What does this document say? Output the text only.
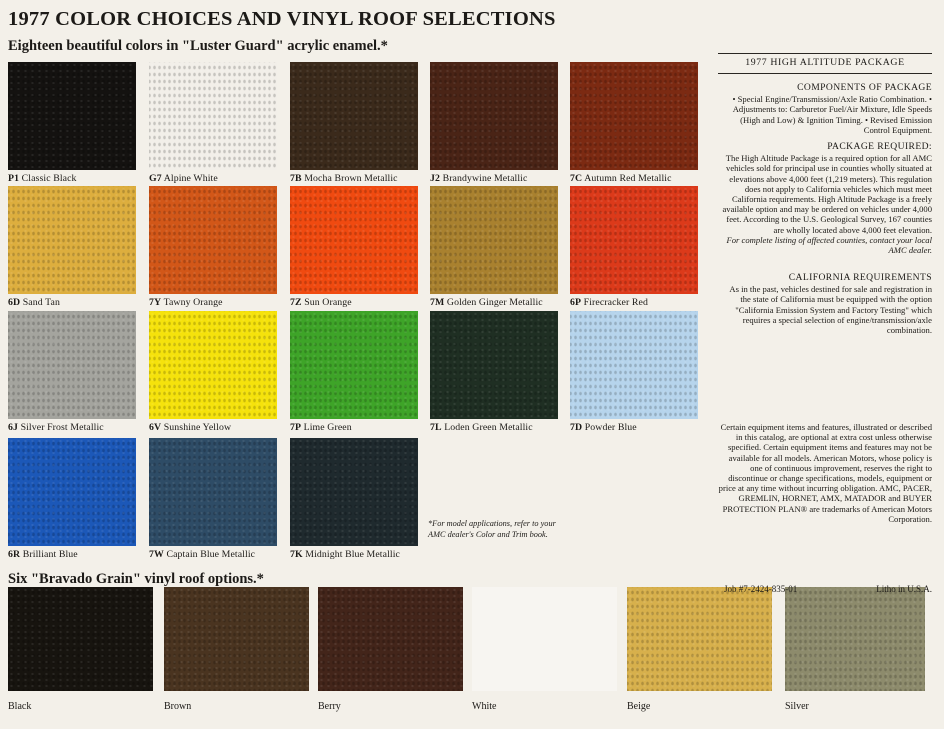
1977 COLOR CHOICES AND VINYL ROOF SELECTIONS
Eighteen beautiful colors in "Luster Guard" acrylic enamel.*
P1 Classic Black	G7 Alpine White	7B Mocha Brown Metallic	J2 Brandywine Metallic	7C Autumn Red Metallic
6D Sand Tan	7Y Tawny Orange	7Z Sun Orange	7M Golden Ginger Metallic	6P Firecracker Red
6J Silver Frost Metallic	6V Sunshine Yellow	7P Lime Green	7L Loden Green Metallic	7D Powder Blue
6R Brilliant Blue	7W Captain Blue Metallic	7K Midnight Blue Metallic
*For model applications, refer to your AMC dealer's Color and Trim book.
Six "Bravado Grain" vinyl roof options.*
Black	Brown	Berry	White	Beige	Silver
1977 HIGH ALTITUDE PACKAGE
COMPONENTS OF PACKAGE
• Special Engine/Transmission/Axle Ratio Combination. • Adjustments to: Carburetor Fuel/Air Mixture, Idle Speeds (High and Low) & Ignition Timing. • Revised Emission Control Equipment.
PACKAGE REQUIRED:
The High Altitude Package is a required option for all AMC vehicles sold for principal use in counties wholly situated at elevations above 4,000 feet (1,219 meters). This regulation does not apply to California vehicles which must meet California requirements. High Altitude Package is a freely available option and may be ordered on vehicles under 4,000 feet. According to the U.S. Geological Survey, 167 counties are wholly located above 4,000 feet elevation.
For complete listing of affected counties, contact your local AMC dealer.
CALIFORNIA REQUIREMENTS
As in the past, vehicles destined for sale and registration in the state of California must be equipped with the option "California Emission System and Factory Testing" which requires a special selection of engine/transmission/axle combination.
Certain equipment items and features, illustrated or described in this catalog, are optional at extra cost unless otherwise specified. Certain equipment items and features may not be available for all models. American Motors, whose policy is one of continuous improvement, reserves the right to discontinue or change specifications, models, equipment or price at any time without incurring obligation. AMC, PACER, GREMLIN, HORNET, AMX, MATADOR and BUYER PROTECTION PLAN® are trademarks of American Motors Corporation.
Job #7-2424-835-01	Litho in U.S.A.
